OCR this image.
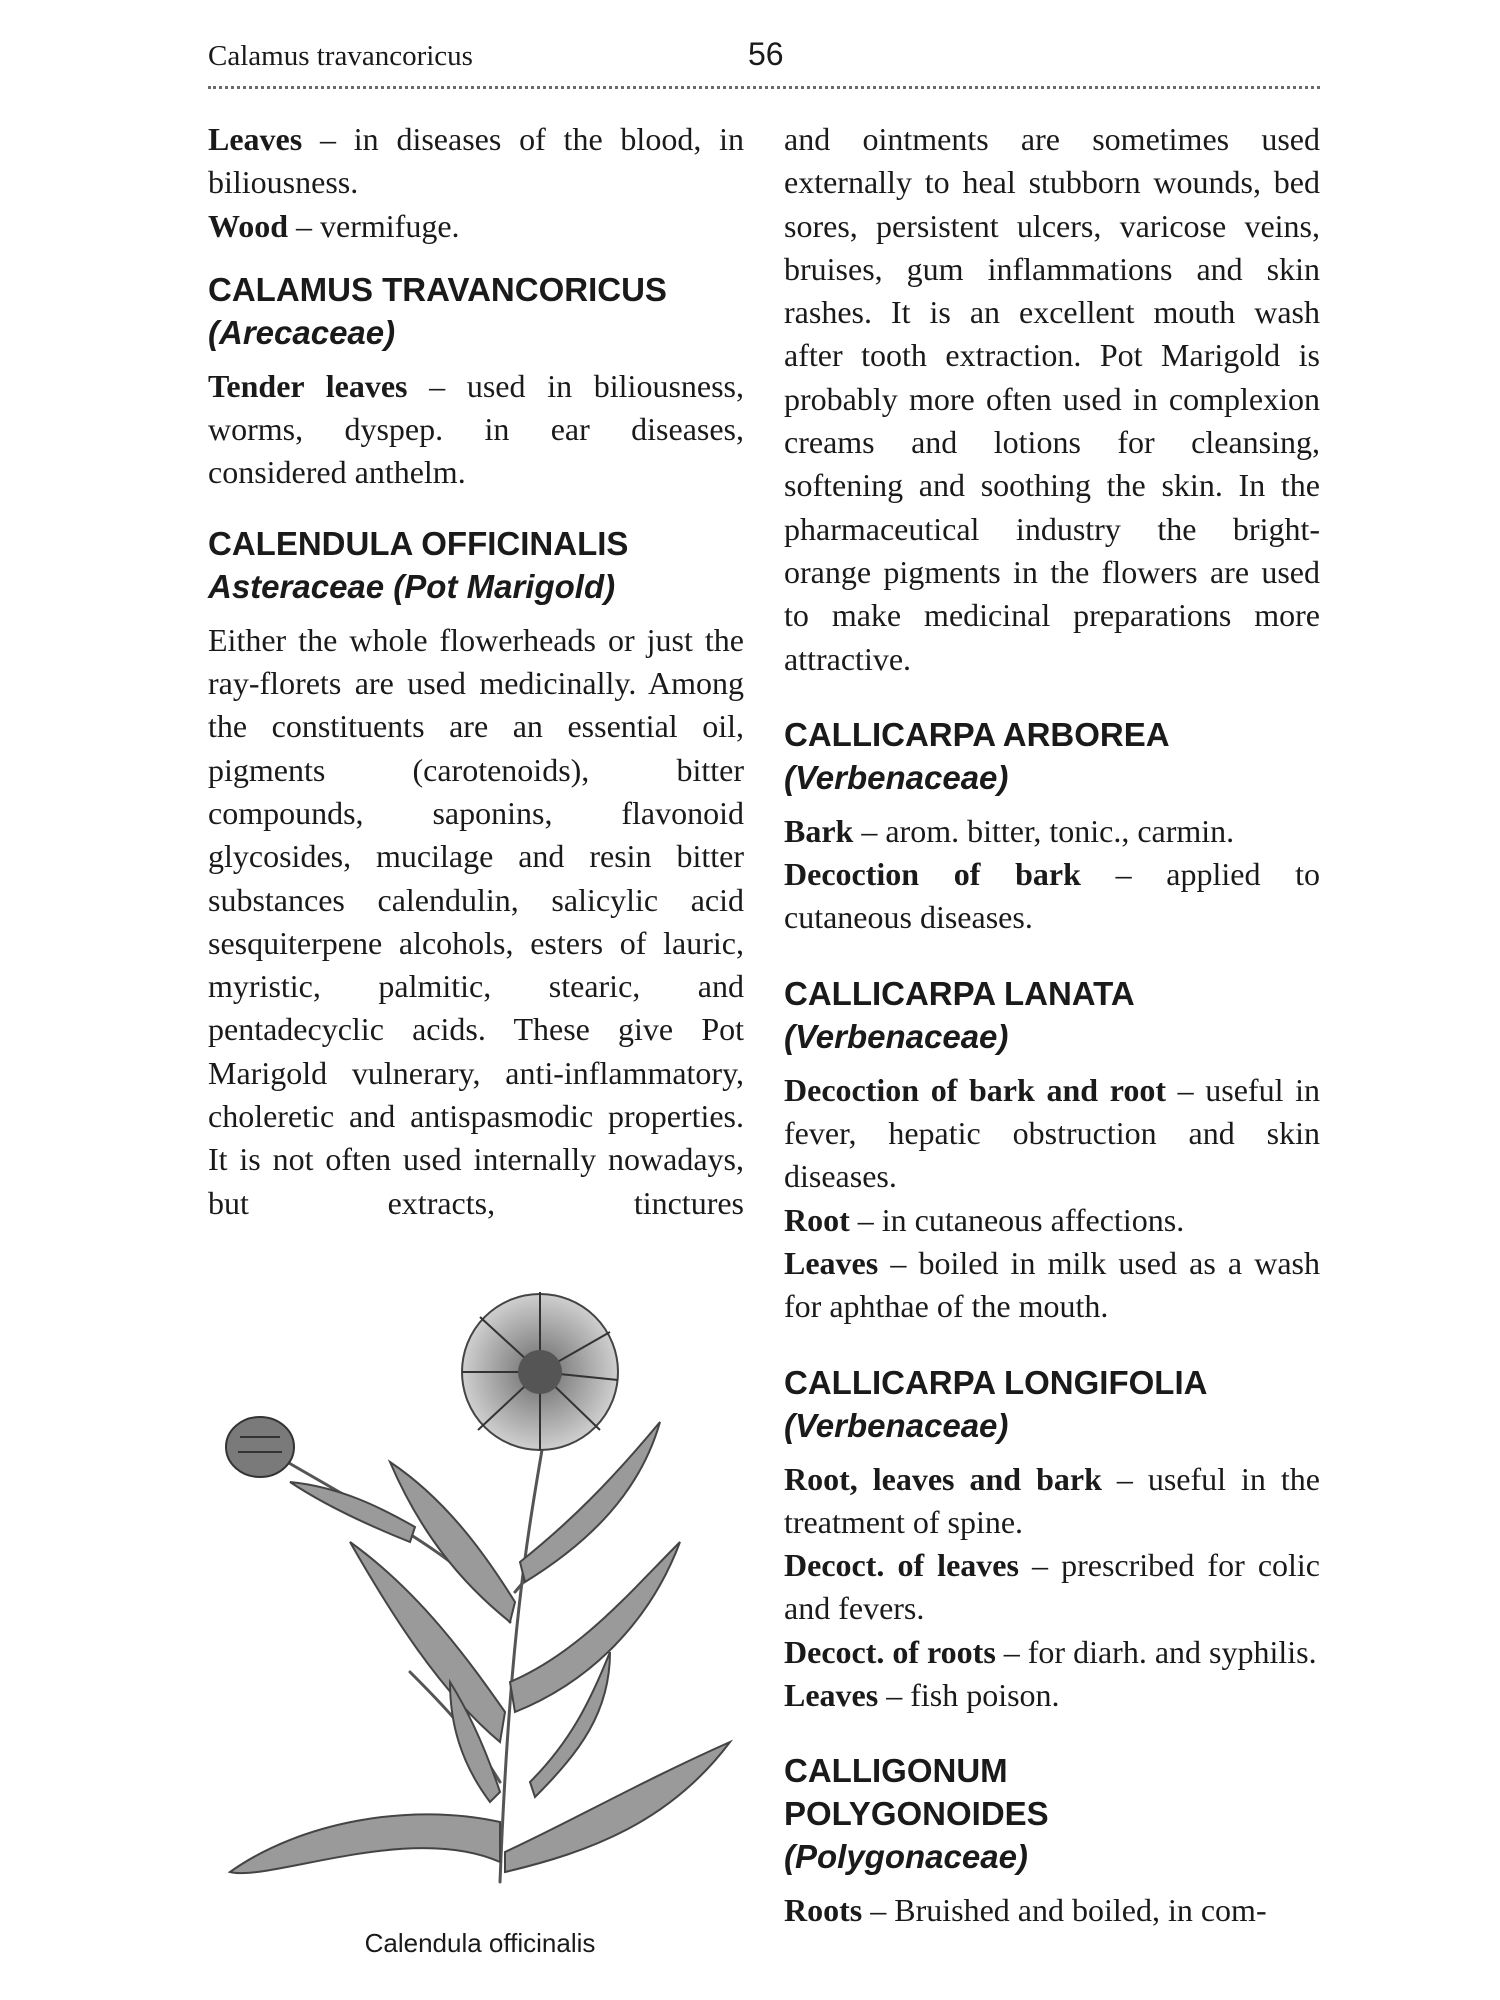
Calamus travancoricus	56

Leaves – in diseases of the blood, in biliousness.

Wood – vermifuge.

CALAMUS TRAVANCORICUS
(Arecaceae)

Tender leaves – used in biliousness, worms, dyspep. in ear diseases, considered anthelm.

CALENDULA OFFICINALIS
Asteraceae (Pot Marigold)

Either the whole flowerheads or just the ray-florets are used medicinally. Among the constituents are an essential oil, pigments (carotenoids), bitter compounds, saponins, flavonoid glycosides, mucilage and resin bitter substances calendulin, salicylic acid sesquiterpene alcohols, esters of lauric, myristic, palmitic, stearic, and pentadecyclic acids. These give Pot Marigold vulnerary, anti-inflammatory, choleretic and antispasmodic properties. It is not often used internally nowadays, but extracts, tinctures

Calendula officinalis

and ointments are sometimes used externally to heal stubborn wounds, bed sores, persistent ulcers, varicose veins, bruises, gum inflammations and skin rashes. It is an excellent mouth wash after tooth extraction. Pot Marigold is probably more often used in complexion creams and lotions for cleansing, softening and soothing the skin. In the pharmaceutical industry the bright-orange pigments in the flowers are used to make medicinal preparations more attractive.

CALLICARPA ARBOREA
(Verbenaceae)

Bark – arom. bitter, tonic., carmin.

Decoction of bark – applied to cutaneous diseases.

CALLICARPA LANATA
(Verbenaceae)

Decoction of bark and root – useful in fever, hepatic obstruction and skin diseases.

Root – in cutaneous affections.

Leaves – boiled in milk used as a wash for aphthae of the mouth.

CALLICARPA LONGIFOLIA
(Verbenaceae)

Root, leaves and bark – useful in the treatment of spine.

Decoct. of leaves – prescribed for colic and fevers.

Decoct. of roots – for diarh. and syphilis.

Leaves – fish poison.

CALLIGONUM
POLYGONOIDES
(Polygonaceae)

Roots – Bruished and boiled, in com-
